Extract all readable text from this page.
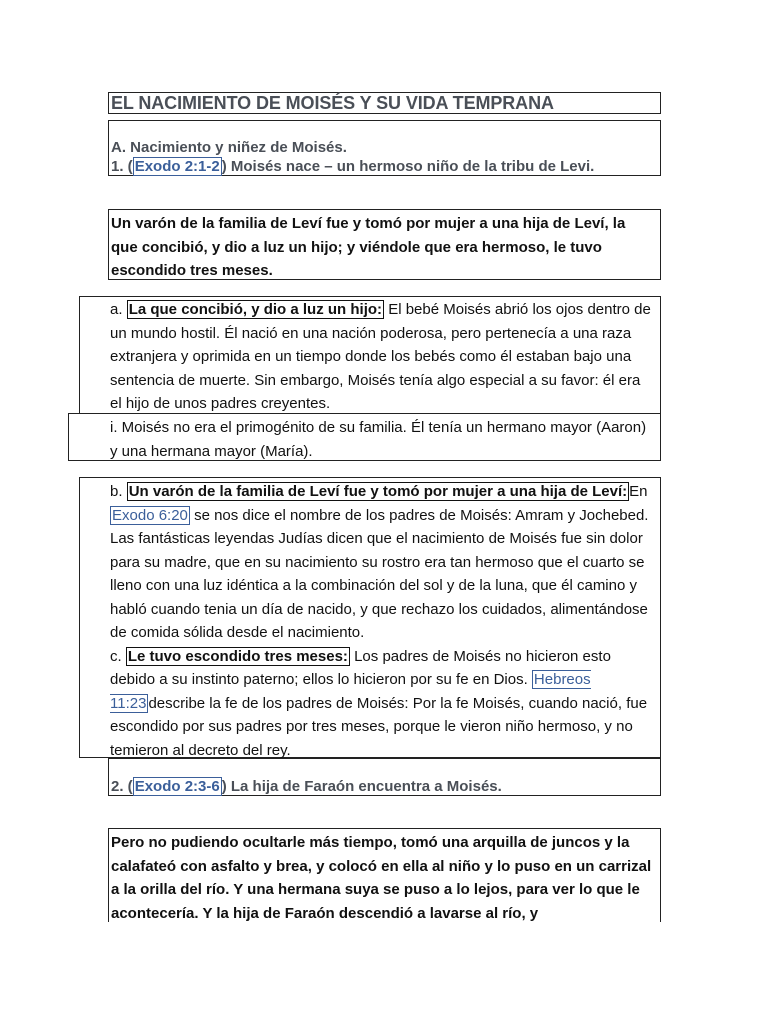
EL NACIMIENTO DE MOISÉS Y SU VIDA TEMPRANA
A. Nacimiento y niñez de Moisés.
1. ( Exodo 2:1-2 ) Moisés nace – un hermoso niño de la tribu de Levi.
Un varón de la familia de Leví fue y tomó por mujer a una hija de Leví, la que concibió, y dio a luz un hijo; y viéndole que era hermoso, le tuvo escondido tres meses.
a. La que concibió, y dio a luz un hijo: El bebé Moisés abrió los ojos dentro de un mundo hostil. Él nació en una nación poderosa, pero pertenecía a una raza extranjera y oprimida en un tiempo donde los bebés como él estaban bajo una sentencia de muerte. Sin embargo, Moisés tenía algo especial a su favor: él era el hijo de unos padres creyentes.
i. Moisés no era el primogénito de su familia. Él tenía un hermano mayor (Aaron) y una hermana mayor (María).
b. Un varón de la familia de Leví fue y tomó por mujer a una hija de Leví: En Exodo 6:20 se nos dice el nombre de los padres de Moisés: Amram y Jochebed. Las fantásticas leyendas Judías dicen que el nacimiento de Moisés fue sin dolor para su madre, que en su nacimiento su rostro era tan hermoso que el cuarto se lleno con una luz idéntica a la combinación del sol y de la luna, que él camino y habló cuando tenia un día de nacido, y que rechazo los cuidados, alimentándose de comida sólida desde el nacimiento.
c. Le tuvo escondido tres meses: Los padres de Moisés no hicieron esto debido a su instinto paterno; ellos lo hicieron por su fe en Dios. Hebreos 11:23 describe la fe de los padres de Moisés: Por la fe Moisés, cuando nació, fue escondido por sus padres por tres meses, porque le vieron niño hermoso, y no temieron al decreto del rey.
2. ( Exodo 2:3-6 ) La hija de Faraón encuentra a Moisés.
Pero no pudiendo ocultarle más tiempo, tomó una arquilla de juncos y la calafateó con asfalto y brea, y colocó en ella al niño y lo puso en un carrizal a la orilla del río. Y una hermana suya se puso a lo lejos, para ver lo que le acontecería. Y la hija de Faraón descendió a lavarse al río, y
